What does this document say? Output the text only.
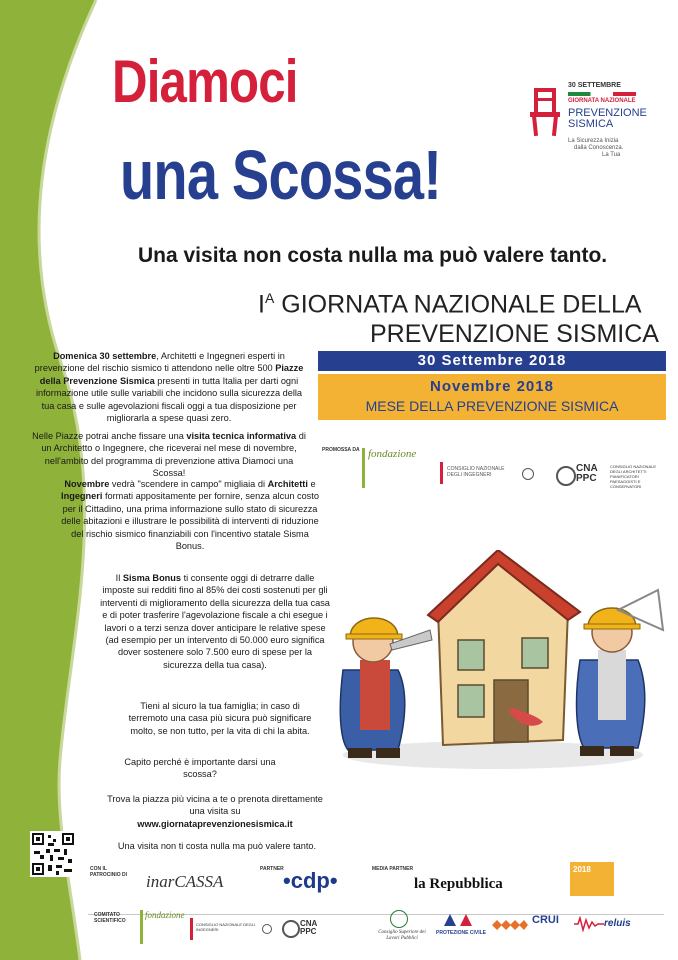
Diamoci
una Scossa!
30 SETTEMBRE
GIORNATA NAZIONALE
PREVENZIONE
SISMICA
La Sicurezza Inizia
dalla Conoscenza.
La Tua
Una visita non costa nulla ma può valere tanto.
$I^A$ GIORNATA NAZIONALE DELLA
PREVENZIONE SISMICA
30 Settembre 2018
Novembre 2018
MESE DELLA PREVENZIONE SISMICA
PROMOSSA DA fondazione
CONSIGLIO NAZIONALE DEGLI INGEGNERI
CNA PPC
CONSIGLIO NAZIONALE DEGLI ARCHITETTI PIANIFICATORI PAESAGGISTI E CONSERVATORI
Domenica 30 settembre, Architetti e Ingegneri esperti in prevenzione del rischio sismico ti attendono nelle oltre 500 Piazze della Prevenzione Sismica presenti in tutta Italia per darti ogni informazione utile sulle variabili che incidono sulla sicurezza della tua casa e sulle agevolazioni fiscali oggi a tua disposizione per migliorarla a spese quasi zero.
Nelle Piazze potrai anche fissare una visita tecnica informativa di un Architetto o Ingegnere, che riceverai nel mese di novembre, nell'ambito del programma di prevenzione attiva Diamoci una Scossa!
Novembre vedrà "scendere in campo" migliaia di Architetti e Ingegneri formati appositamente per fornire, senza alcun costo per il Cittadino, una prima informazione sullo stato di sicurezza delle abitazioni e illustrare le possibilità di interventi di riduzione del rischio sismico finanziabili con l'incentivo statale Sisma Bonus.
Il Sisma Bonus ti consente oggi di detrarre dalle imposte sui redditi fino al 85% dei costi sostenuti per gli interventi di miglioramento della sicurezza della tua casa e di poter trasferire l'agevolazione fiscale a chi esegue i lavori o a terzi senza dover anticipare le relative spese (ad esempio per un intervento di 50.000 euro significa dover sostenere solo 7.500 euro di spese per la sicurezza della tua casa).
Tieni al sicuro la tua famiglia; in caso di terremoto una casa più sicura può significare molto, se non tutto, per la vita di chi la abita.
Capito perché è importante darsi una scossa?
Trova la piazza più vicina a te o prenota direttamente una visita su
www.giornataprevenzionesismica.it
Una visita non ti costa nulla ma può valere tanto.
CON IL PATROCINIO DI inarCASSA
PARTNER •cdp•	MEDIA PARTNER
la Repubblica
2018
COMITATO SCIENTIFICO
fondazione
CONSIGLIO NAZIONALE DEGLI INGEGNERI
CNA PPC	Consiglio Superiore dei Lavori Pubblici
PROTEZIONE CIVILE
CRUI	reluis
